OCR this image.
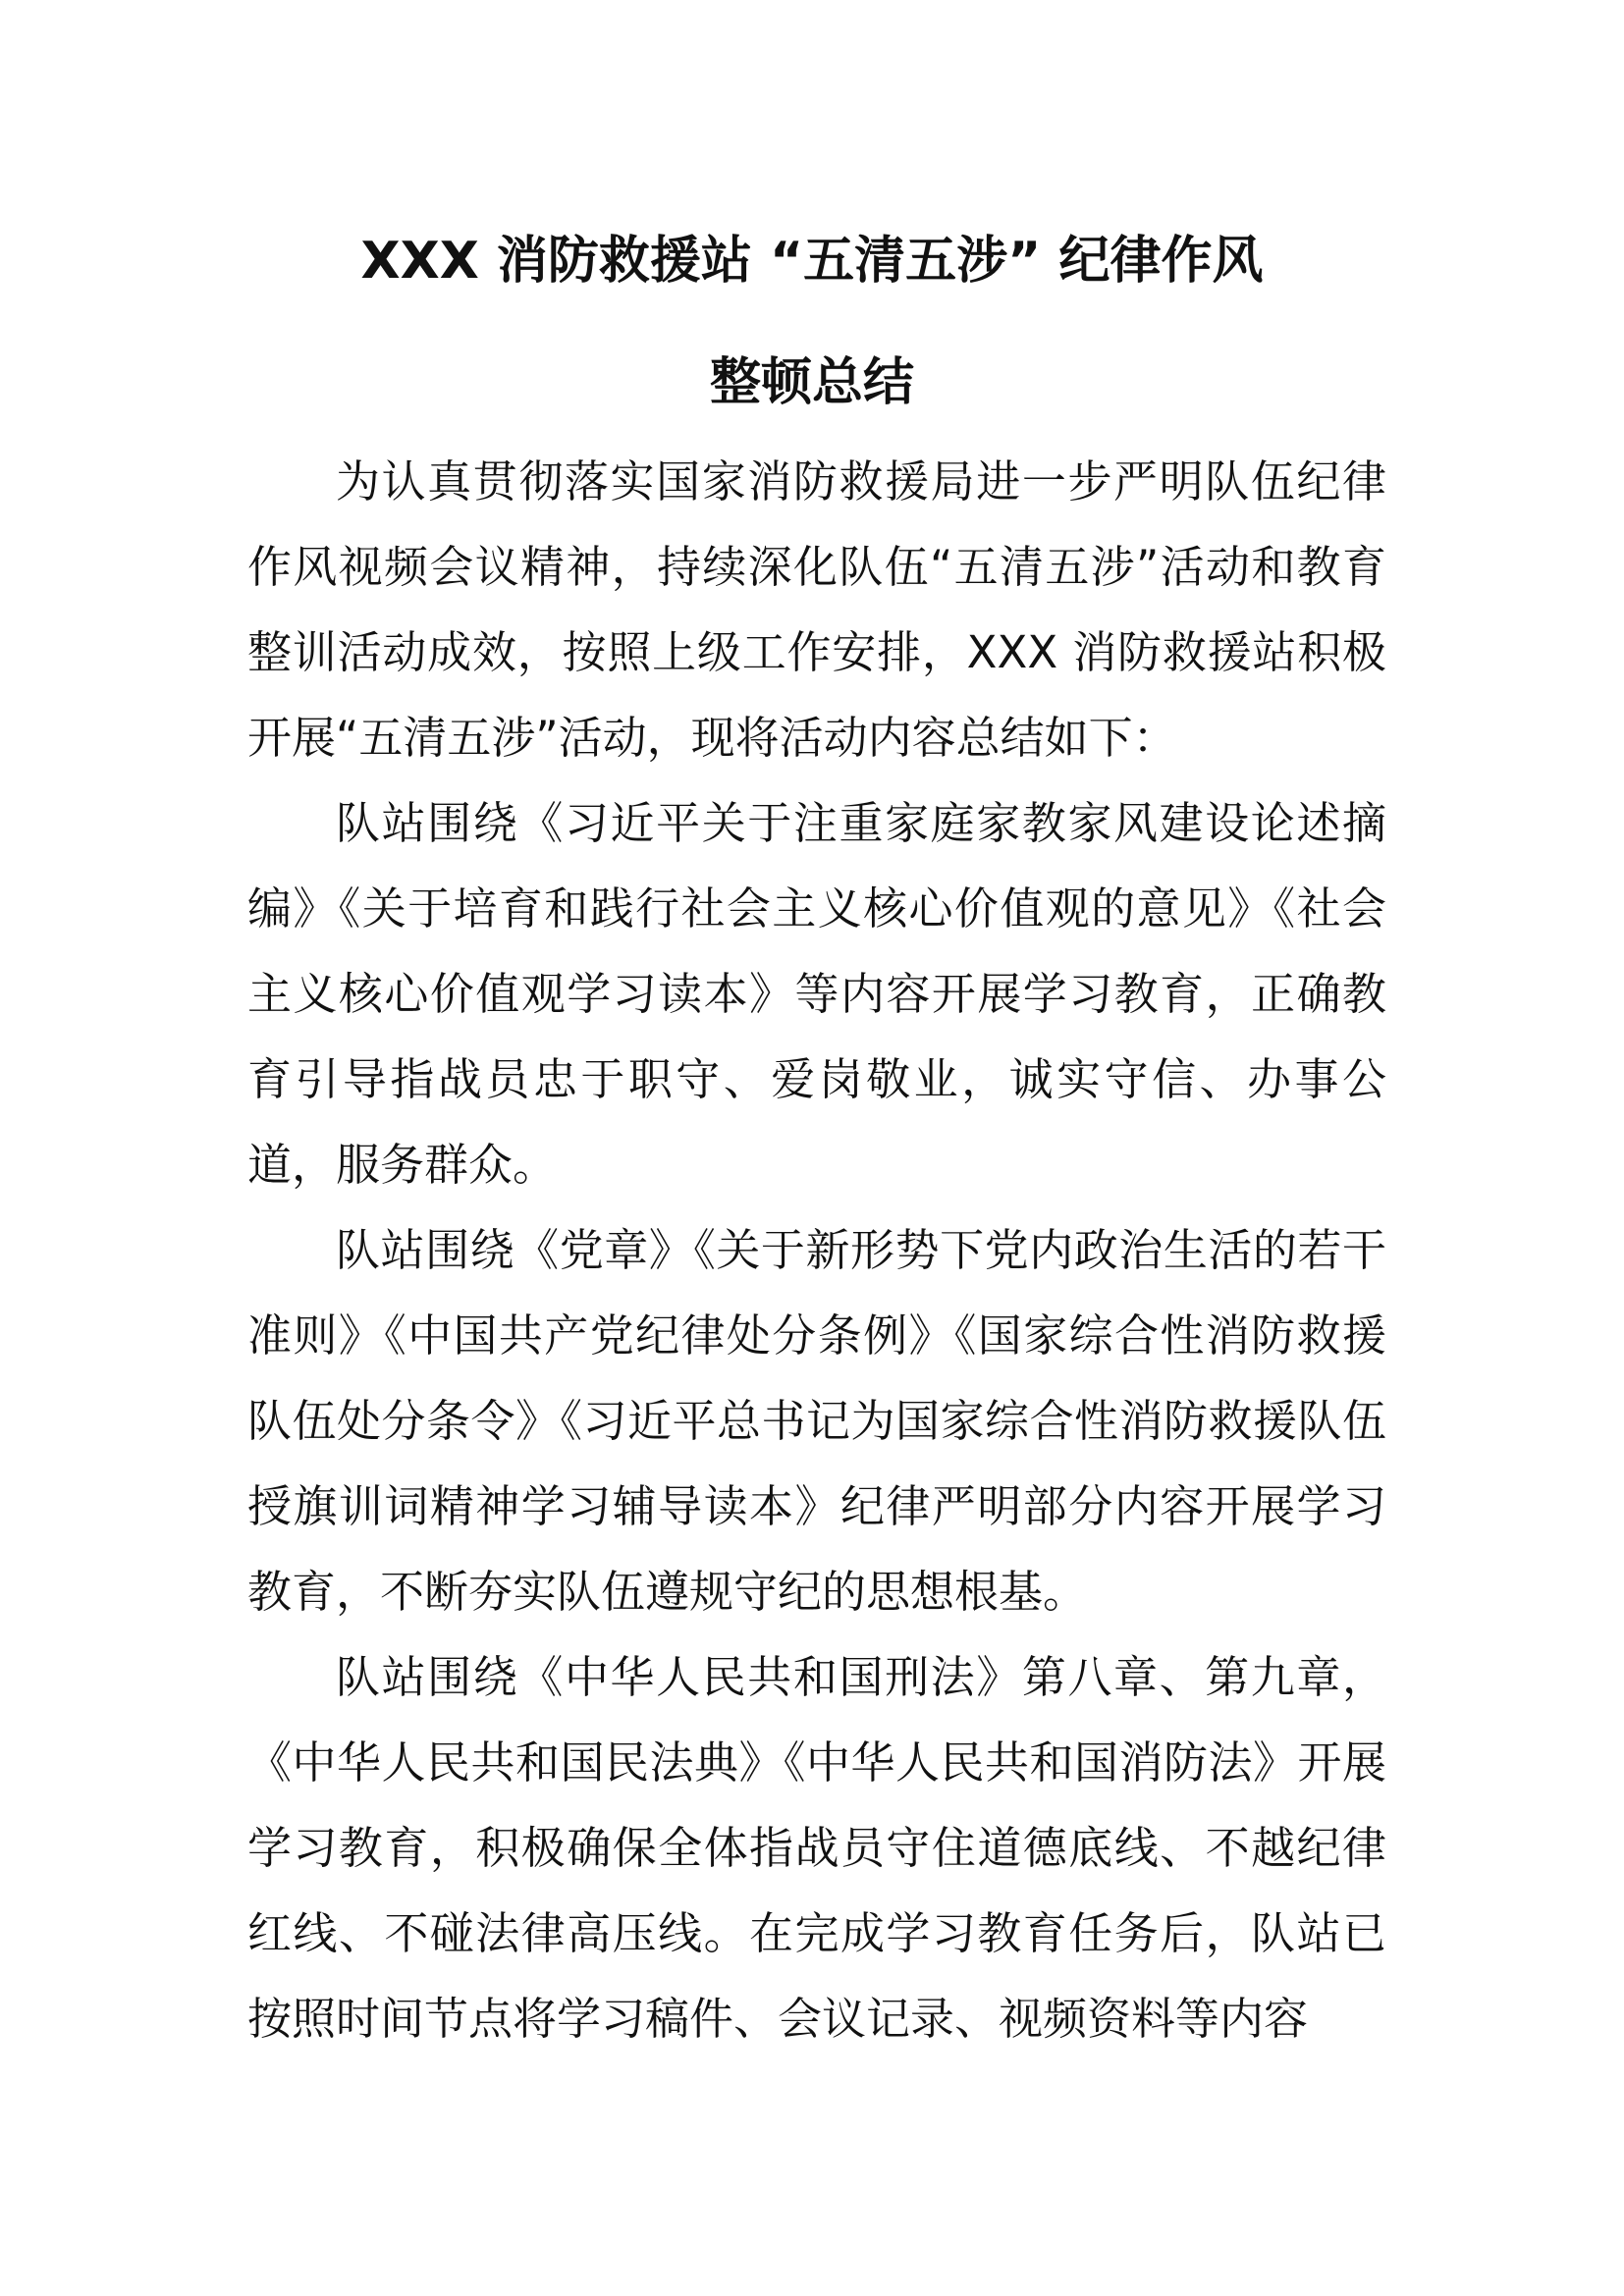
XXX 消防救援站 “五清五涉” 纪律作风
整顿总结

为认真贯彻落实国家消防救援局进一步严明队伍纪律作风视频会议精神，持续深化队伍“五清五涉”活动和教育整训活动成效，按照上级工作安排，XXX 消防救援站积极开展“五清五涉”活动，现将活动内容总结如下：

队站围绕《习近平关于注重家庭家教家风建设论述摘编》《关于培育和践行社会主义核心价值观的意见》《社会主义核心价值观学习读本》等内容开展学习教育，正确教育引导指战员忠于职守、爱岗敬业，诚实守信、办事公道，服务群众。

队站围绕《党章》《关于新形势下党内政治生活的若干准则》《中国共产党纪律处分条例》《国家综合性消防救援队伍处分条令》《习近平总书记为国家综合性消防救援队伍授旗训词精神学习辅导读本》纪律严明部分内容开展学习教育，不断夯实队伍遵规守纪的思想根基。

队站围绕《中华人民共和国刑法》第八章、第九章，《中华人民共和国民法典》《中华人民共和国消防法》开展学习教育，积极确保全体指战员守住道德底线、不越纪律红线、不碰法律高压线。在完成学习教育任务后，队站已按照时间节点将学习稿件、会议记录、视频资料等内容
